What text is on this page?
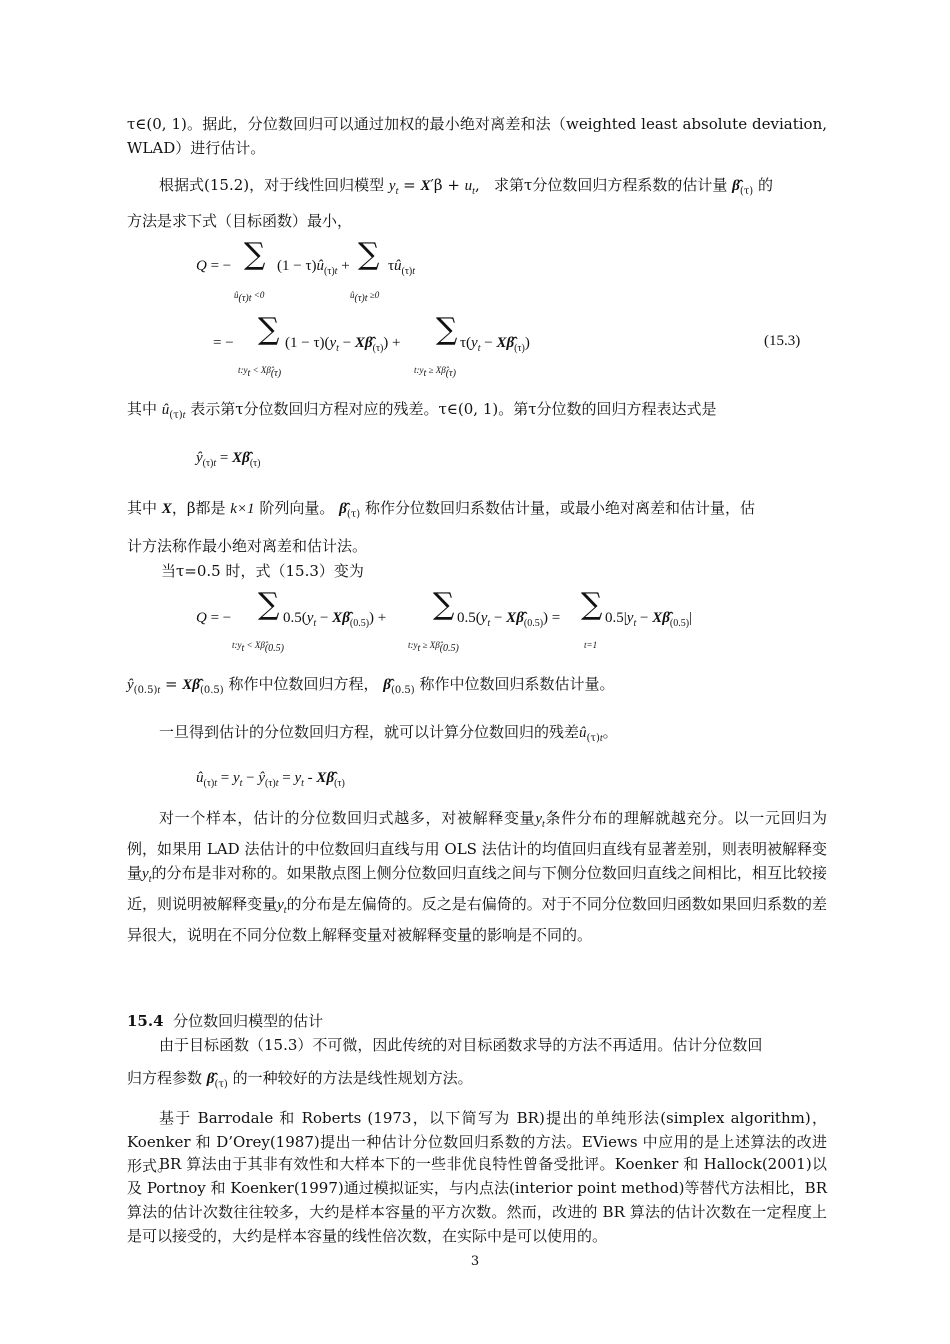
τ∈(0, 1)。据此，分位数回归可以通过加权的最小绝对离差和法（weighted least absolute deviation, WLAD）进行估计。
根据式(15.2)，对于线性回归模型 $y_t = X'\beta + u_t$, 求第τ分位数回归方程系数的估计量 $\betâ_{(\tau)}$ 的
方法是求下式（目标函数）最小，
Q = − ∑ $(1 - \tau)û_{(\tau)t}$ + ∑ $\tau û_{(\tau)t}$
$û_{(\tau)t} <0$	$û_{(\tau)t} \ge 0$
= − ∑ $(1 - \tau)(y_t$ − $X\betâ_{(\tau)}$) + ∑ $\tau(y_t$ − $X\betâ_{(\tau)}$)
$t:y_t$ < $X\betâ_{(\tau)}$	$t:y_t$ ≥ $X\betâ_{(\tau)}$
(15.3)
其中 $û_{(\tau)t}$ 表示第τ分位数回归方程对应的残差。τ∈(0, 1)。第τ分位数的回归方程表达式是
$ŷ_{(\tau)t}$ = $X\betâ_{(\tau)}$
其中 X，β都是 k×1 阶列向量。 $\betâ_{(\tau)}$ 称作分位数回归系数估计量，或最小绝对离差和估计量，估
计方法称作最小绝对离差和估计法。
当τ=0.5 时，式（15.3）变为
Q = − ∑ $0.5(y_t$ − $X\betâ_{(0.5)}$) + ∑ $0.5(y_t$ − $X\betâ_{(0.5)}$) = ∑ $0.5|y_t$ − $X\betâ_{(0.5)}|$
$t:y_t$ < $X\betâ_{(0.5)}$	$t:y_t$ ≥ $X\betâ_{(0.5)}$	t=1
$ŷ_{(0.5)t}$ = $X\betâ_{(0.5)}$ 称作中位数回归方程， $\betâ_{(0.5)}$ 称作中位数回归系数估计量。
一旦得到估计的分位数回归方程，就可以计算分位数回归的残差$û_{(\tau)t}$。
$û_{(\tau)t} = y_t$ − $ŷ_{(\tau)t} = y_t$ - $X\betâ_{(\tau)}$
对一个样本，估计的分位数回归式越多，对被解释变量$y_t$条件分布的理解就越充分。以一元回归为例，如果用 LAD 法估计的中位数回归直线与用 OLS 法估计的均值回归直线有显著差别，则表明被解释变量$y_t$的分布是非对称的。如果散点图上侧分位数回归直线之间与下侧分位数回归直线之间相比，相互比较接近，则说明被解释变量$y_t$的分布是左偏倚的。反之是右偏倚的。对于不同分位数回归函数如果回归系数的差异很大，说明在不同分位数上解释变量对被解释变量的影响是不同的。
15.4 分位数回归模型的估计
由于目标函数（15.3）不可微，因此传统的对目标函数求导的方法不再适用。估计分位数回
归方程参数 $\betâ_{(\tau)}$ 的一种较好的方法是线性规划方法。
基于 Barrodale 和 Roberts (1973，以下简写为 BR)提出的单纯形法(simplex algorithm)，Koenker 和 D’Orey(1987)提出一种估计分位数回归系数的方法。EViews 中应用的是上述算法的改进形式。
BR 算法由于其非有效性和大样本下的一些非优良特性曾备受批评。Koenker 和 Hallock(2001)以及 Portnoy 和 Koenker(1997)通过模拟证实，与内点法(interior point method)等替代方法相比，BR 算法的估计次数往往较多，大约是样本容量的平方次数。然而，改进的 BR 算法的估计次数在一定程度上是可以接受的，大约是样本容量的线性倍次数，在实际中是可以使用的。
3
